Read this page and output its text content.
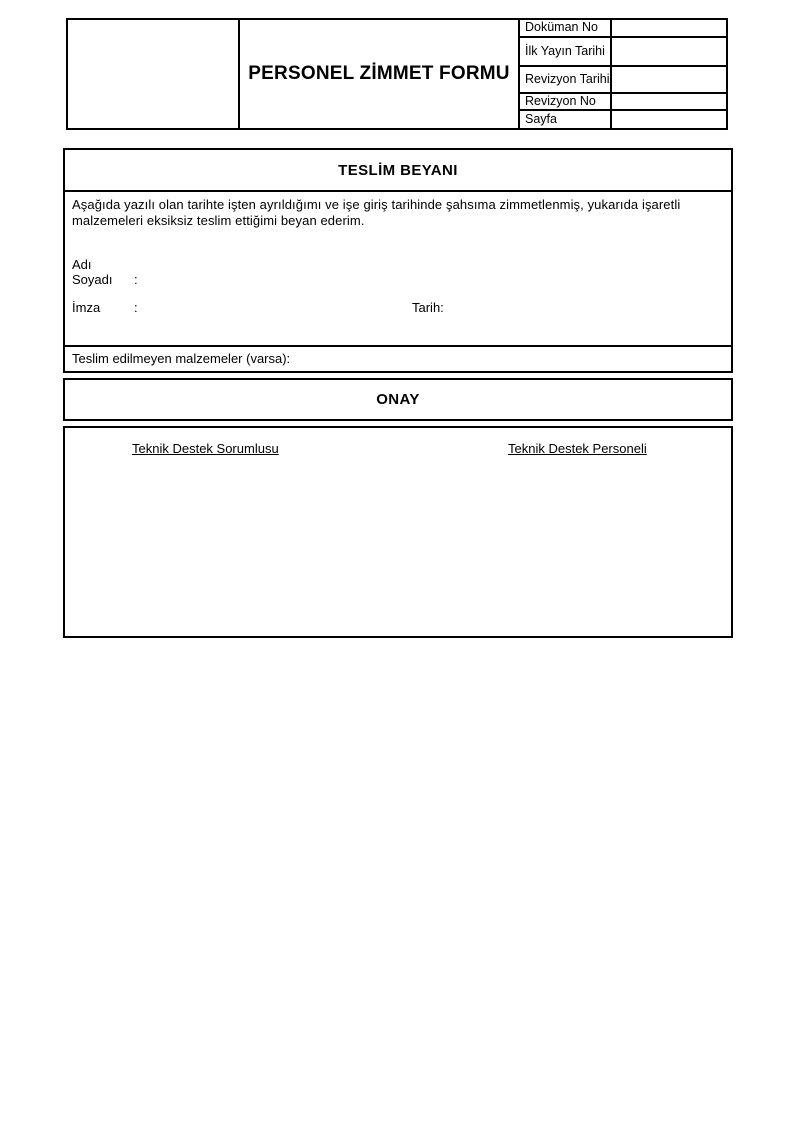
PERSONEL ZİMMET FORMU
Doküman No
İlk Yayın Tarihi
Revizyon Tarihi
Revizyon No
Sayfa
TESLİM BEYANI
Aşağıda yazılı olan tarihte işten ayrıldığımı ve işe giriş tarihinde şahsıma zimmetlenmiş, yukarıda işaretli malzemeleri eksiksiz teslim ettiğimi beyan ederim.
Adı Soyadı :
İmza	:	Tarih:
Teslim edilmeyen malzemeler (varsa):
ONAY
Teknik Destek Sorumlusu	Teknik Destek Personeli
